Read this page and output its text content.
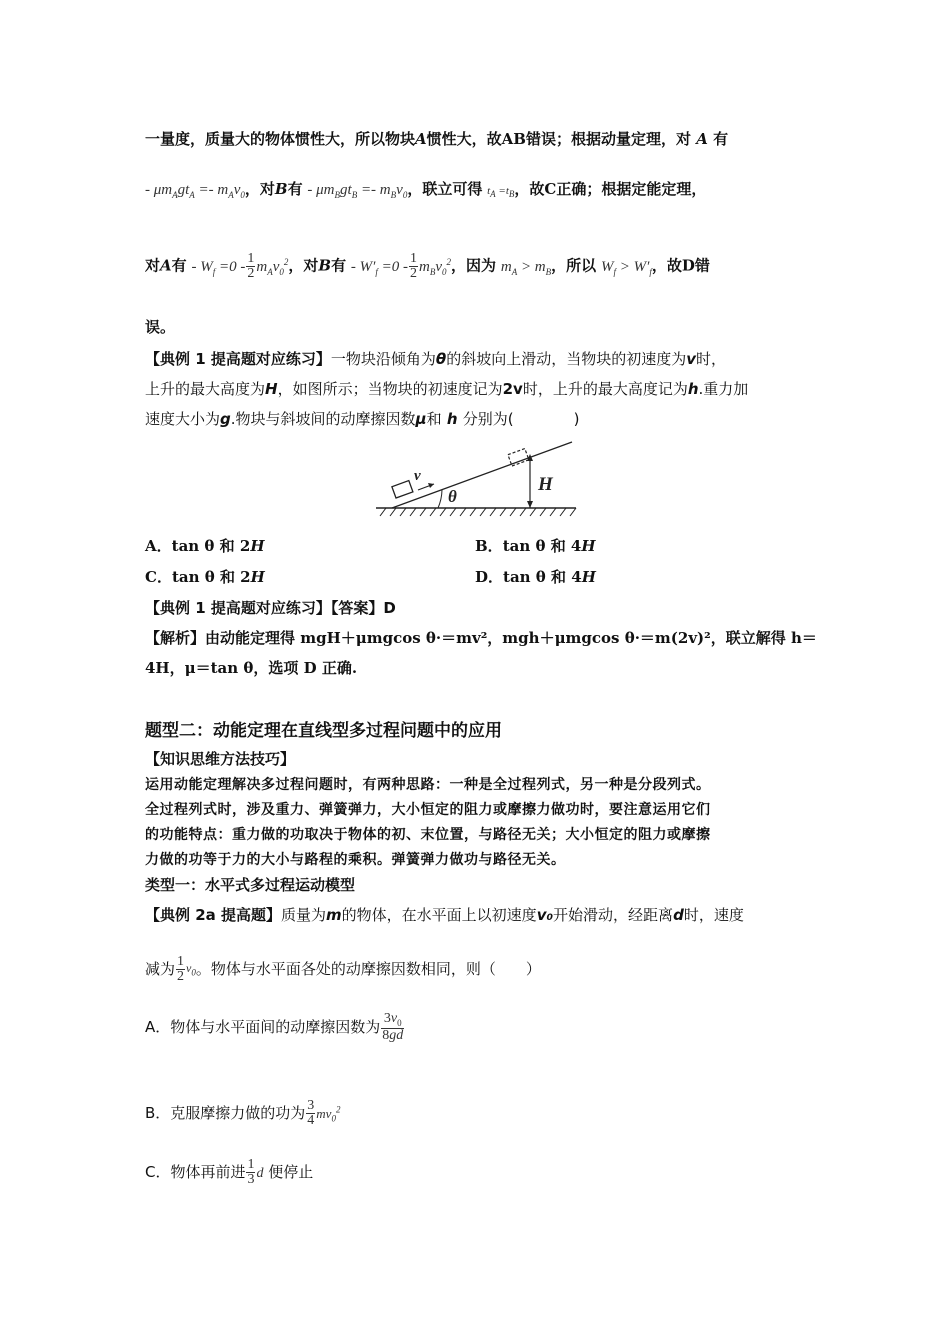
一量度，质量大的物体惯性大，所以物块A惯性大，故AB错误；根据动量定理，对 A 有
- $\mu m_Agt_A =- m_Av_0$，对B有 - $\mu m_Bgt_B =- m_Bv_0$，联立可得 $t_A =t_B$，故C正确；根据定能定理，
对A有 - $W_f =0 - \frac{1}{2} m_Av_0^2$，对B有 - $W'_f =0 - \frac{1}{2} m_Bv_0^2$，因为 $m_A > m_B$，所以 $W_f > W'_f$，故D错
误。
【典例 1 提高题对应练习】一物块沿倾角为θ的斜坡向上滑动，当物块的初速度为v时，
上升的最大高度为H，如图所示；当物块的初速度记为2v时，上升的最大高度记为h.重力加
速度大小为g.物块与斜坡间的动摩擦因数μ和 h 分别为(	)
v
θ
H
A．tan θ 和 2H	B．tan θ 和 4H
C．tan θ 和 2H	D．tan θ 和 4H
【典例 1 提高题对应练习】【答案】D
【解析】由动能定理得 mgH＋μmgcos θ·＝mv²，mgh＋μmgcos θ·＝m(2v)²，联立解得 h＝
4H，μ＝tan θ，选项 D 正确.
题型二：动能定理在直线型多过程问题中的应用
【知识思维方法技巧】
运用动能定理解决多过程问题时，有两种思路：一种是全过程列式，另一种是分段列式。
全过程列式时，涉及重力、弹簧弹力，大小恒定的阻力或摩擦力做功时，要注意运用它们
的功能特点：重力做的功取决于物体的初、末位置，与路径无关；大小恒定的阻力或摩擦
力做的功等于力的大小与路程的乘积。弹簧弹力做功与路径无关。
类型一：水平式多过程运动模型
【典例 2a 提高题】质量为m的物体，在水平面上以初速度v₀开始滑动，经距离d时，速度
减为 $\frac{1}{2} v_0$。物体与水平面各处的动摩擦因数相同，则（　　）
A．物体与水平面间的动摩擦因数为 $\frac{3v_0}{8gd}$
B．克服摩擦力做的功为 $\frac{3}{4} mv_0^2$
C．物体再前进 $\frac{1}{3}$ d 便停止
